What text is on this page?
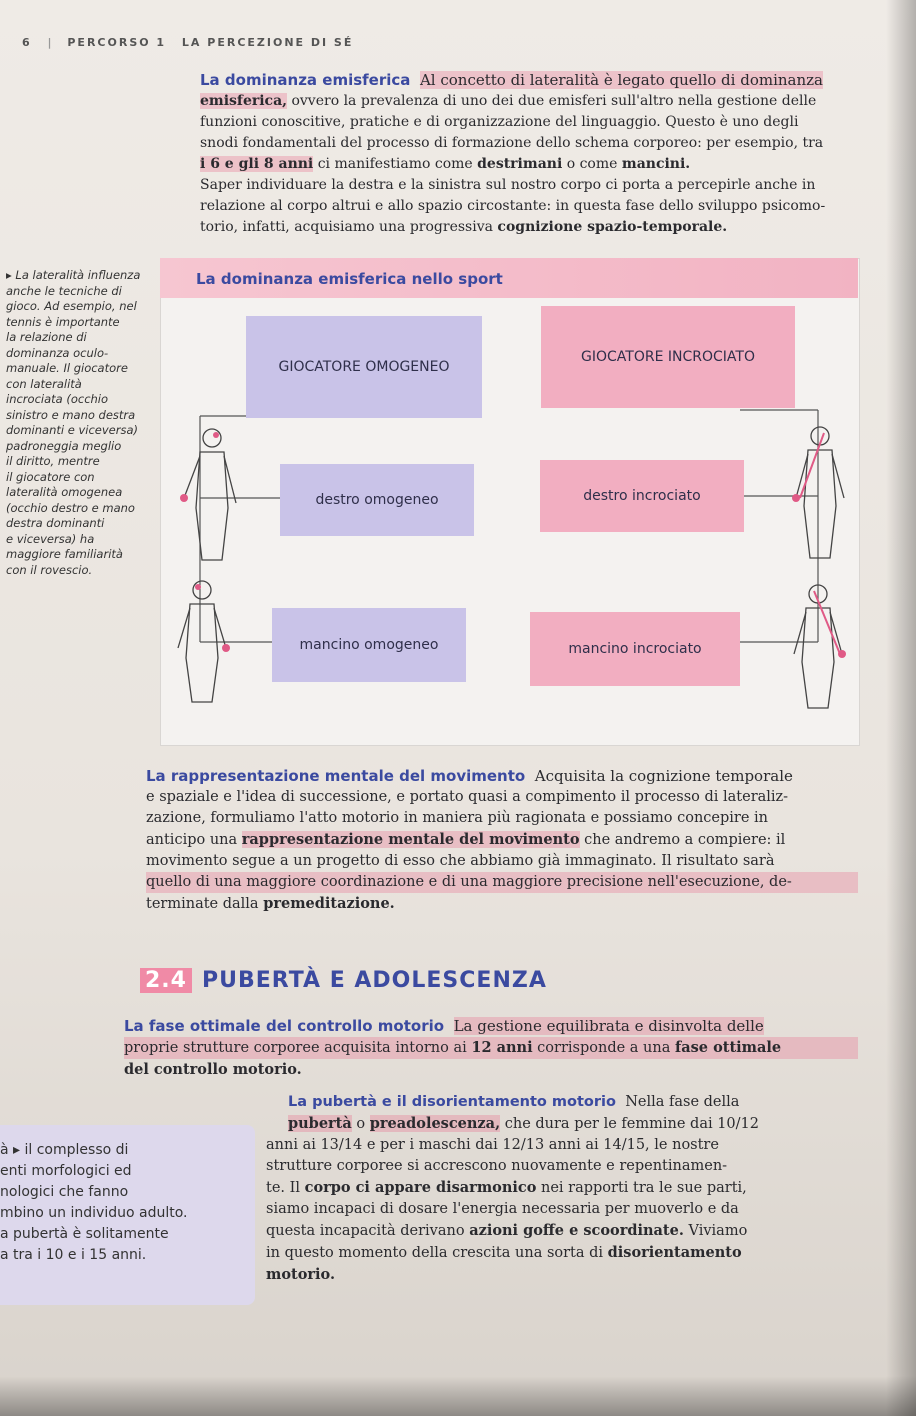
6 | PERCORSO 1 LA PERCEZIONE DI SÉ
La dominanza emisferica Al concetto di lateralità è legato quello di dominanza
emisferica, ovvero la prevalenza di uno dei due emisferi sull'altro nella gestione delle
funzioni conoscitive, pratiche e di organizzazione del linguaggio. Questo è uno degli
snodi fondamentali del processo di formazione dello schema corporeo: per esempio, tra
i 6 e gli 8 anni ci manifestiamo come destrimani o come mancini.
Saper individuare la destra e la sinistra sul nostro corpo ci porta a percepirle anche in
relazione al corpo altrui e allo spazio circostante: in questa fase dello sviluppo psicomo-
torio, infatti, acquisiamo una progressiva cognizione spazio-temporale.
▸ La lateralità influenza
anche le tecniche di
gioco. Ad esempio, nel
tennis è importante
la relazione di
dominanza oculo-
manuale. Il giocatore
con lateralità
incrociata (occhio
sinistro e mano destra
dominanti e viceversa)
padroneggia meglio
il diritto, mentre
il giocatore con
lateralità omogenea
(occhio destro e mano
destra dominanti
e viceversa) ha
maggiore familiarità
con il rovescio.
La dominanza emisferica nello sport
GIOCATORE OMOGENEO
GIOCATORE INCROCIATO
destro omogeneo	destro incrociato
mancino omogeneo	mancino incrociato
La rappresentazione mentale del movimento Acquisita la cognizione temporale
e spaziale e l'idea di successione, e portato quasi a compimento il processo di lateraliz-
zazione, formuliamo l'atto motorio in maniera più ragionata e possiamo concepire in
anticipo una rappresentazione mentale del movimento che andremo a compiere: il
movimento segue a un progetto di esso che abbiamo già immaginato. Il risultato sarà
quello di una maggiore coordinazione e di una maggiore precisione nell'esecuzione, de-
terminate dalla premeditazione.
2.4 PUBERTÀ E ADOLESCENZA
La fase ottimale del controllo motorio La gestione equilibrata e disinvolta delle
proprie strutture corporee acquisita intorno ai 12 anni corrisponde a una fase ottimale
del controllo motorio.
à ▸ il complesso di
enti morfologici ed
nologici che fanno
mbino un individuo adulto.
a pubertà è solitamente
a tra i 10 e i 15 anni.
La pubertà e il disorientamento motorio Nella fase della
pubertà o preadolescenza, che dura per le femmine dai 10/12
anni ai 13/14 e per i maschi dai 12/13 anni ai 14/15, le nostre
strutture corporee si accrescono nuovamente e repentinamen-
te. Il corpo ci appare disarmonico nei rapporti tra le sue parti,
siamo incapaci di dosare l'energia necessaria per muoverlo e da
questa incapacità derivano azioni goffe e scoordinate. Viviamo
in questo momento della crescita una sorta di disorientamento
motorio.
